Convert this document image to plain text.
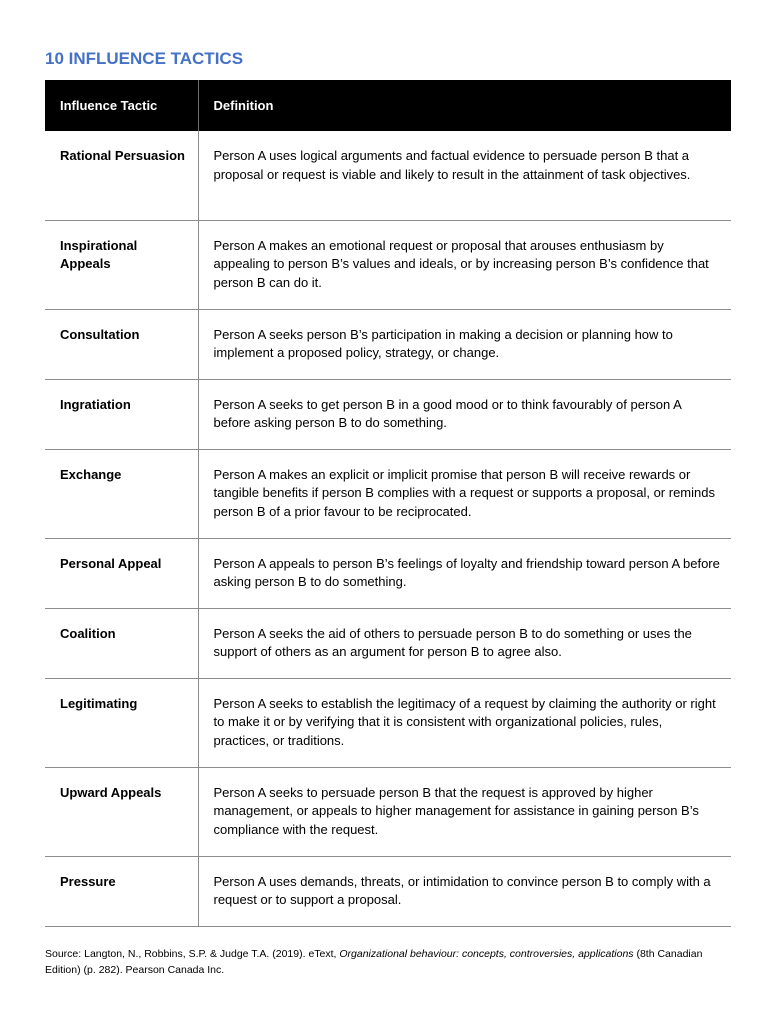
10 INFLUENCE TACTICS
Influence Tactic	Definition
Rational Persuasion	Person A uses logical arguments and factual evidence to persuade person B that a proposal or request is viable and likely to result in the attainment of task objectives.
Inspirational Appeals	Person A makes an emotional request or proposal that arouses enthusiasm by appealing to person B’s values and ideals, or by increasing person B’s confidence that person B can do it.
Consultation	Person A seeks person B’s participation in making a decision or planning how to implement a proposed policy, strategy, or change.
Ingratiation	Person A seeks to get person B in a good mood or to think favourably of person A before asking person B to do something.
Exchange	Person A makes an explicit or implicit promise that person B will receive rewards or tangible benefits if person B complies with a request or supports a proposal, or reminds person B of a prior favour to be reciprocated.
Personal Appeal	Person A appeals to person B’s feelings of loyalty and friendship toward person A before asking person B to do something.
Coalition	Person A seeks the aid of others to persuade person B to do something or uses the support of others as an argument for person B to agree also.
Legitimating	Person A seeks to establish the legitimacy of a request by claiming the authority or right to make it or by verifying that it is consistent with organizational policies, rules, practices, or traditions.
Upward Appeals	Person A seeks to persuade person B that the request is approved by higher management, or appeals to higher management for assistance in gaining person B’s compliance with the request.
Pressure	Person A uses demands, threats, or intimidation to convince person B to comply with a request or to support a proposal.

Source: Langton, N., Robbins, S.P. & Judge T.A. (2019). eText, Organizational behaviour: concepts, controversies, applications (8th Canadian Edition) (p. 282). Pearson Canada Inc.
